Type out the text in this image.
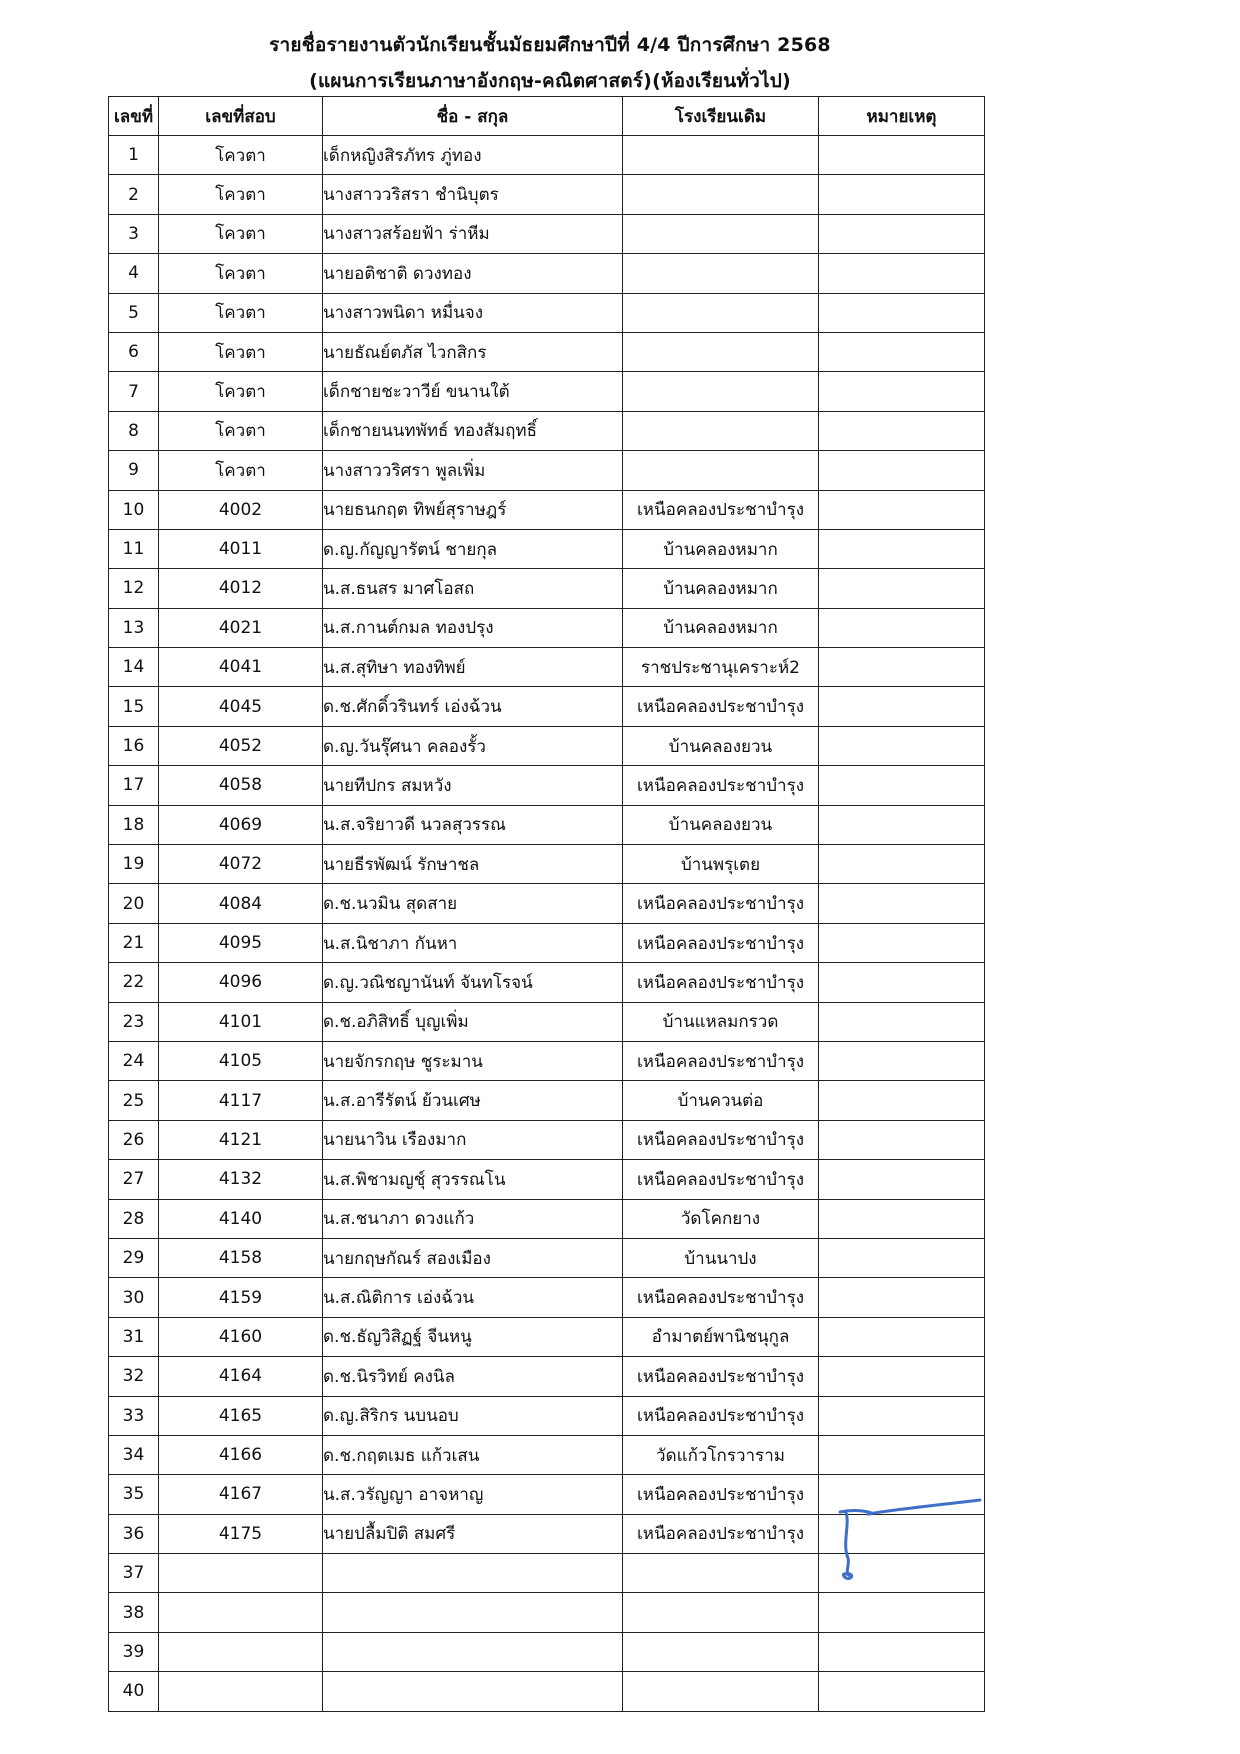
รายชื่อรายงานตัวนักเรียนชั้นมัธยมศึกษาปีที่ 4/4 ปีการศึกษา 2568
(แผนการเรียนภาษาอังกฤษ-คณิตศาสตร์)(ห้องเรียนทั่วไป)
เลขที่	เลขที่สอบ	ชื่อ - สกุล	โรงเรียนเดิม	หมายเหตุ
1	โควตา	เด็กหญิงสิรภัทร ภู่ทอง		
2	โควตา	นางสาววริสรา ชำนิบุตร		
3	โควตา	นางสาวสร้อยฟ้า ร่าหีม		
4	โควตา	นายอติชาติ ดวงทอง		
5	โควตา	นางสาวพนิดา หมื่นจง		
6	โควตา	นายธัณย์ตภัส ไวกสิกร		
7	โควตา	เด็กชายชะวาวีย์ ขนานใต้		
8	โควตา	เด็กชายนนทพัทธ์ ทองสัมฤทธิ์		
9	โควตา	นางสาววริศรา พูลเพิ่ม		
10	4002	นายธนกฤต ทิพย์สุราษฎร์	เหนือคลองประชาบำรุง	
11	4011	ด.ญ.กัญญารัตน์ ชายกุล	บ้านคลองหมาก	
12	4012	น.ส.ธนสร มาศโอสถ	บ้านคลองหมาก	
13	4021	น.ส.กานต์กมล ทองปรุง	บ้านคลองหมาก	
14	4041	น.ส.สุทิษา ทองทิพย์	ราชประชานุเคราะห์2	
15	4045	ด.ช.ศักดิ์วรินทร์ เอ่งฉ้วน	เหนือคลองประชาบำรุง	
16	4052	ด.ญ.วันรุ๊ศนา คลองรั้ว	บ้านคลองยวน	
17	4058	นายทีปกร สมหวัง	เหนือคลองประชาบำรุง	
18	4069	น.ส.จริยาวดี นวลสุวรรณ	บ้านคลองยวน	
19	4072	นายธีรพัฒน์ รักษาชล	บ้านพรุเตย	
20	4084	ด.ช.นวมิน สุดสาย	เหนือคลองประชาบำรุง	
21	4095	น.ส.นิชาภา กันหา	เหนือคลองประชาบำรุง	
22	4096	ด.ญ.วณิชญานันท์ จันทโรจน์	เหนือคลองประชาบำรุง	
23	4101	ด.ช.อภิสิทธิ์ บุญเพิ่ม	บ้านแหลมกรวด	
24	4105	นายจักรกฤษ ชูระมาน	เหนือคลองประชาบำรุง	
25	4117	น.ส.อารีรัตน์ ย้วนเศษ	บ้านควนต่อ	
26	4121	นายนาวิน เรืองมาก	เหนือคลองประชาบำรุง	
27	4132	น.ส.พิชามญชุ์ สุวรรณโน	เหนือคลองประชาบำรุง	
28	4140	น.ส.ชนาภา ดวงแก้ว	วัดโคกยาง	
29	4158	นายกฤษกัณร์ สองเมือง	บ้านนาปง	
30	4159	น.ส.ณิติการ เอ่งฉ้วน	เหนือคลองประชาบำรุง	
31	4160	ด.ช.ธัญวิสิฏฐ์ จีนหนู	อำมาตย์พานิชนุกูล	
32	4164	ด.ช.นิรวิทย์ คงนิล	เหนือคลองประชาบำรุง	
33	4165	ด.ญ.สิริกร นบนอบ	เหนือคลองประชาบำรุง	
34	4166	ด.ช.กฤตเมธ แก้วเสน	วัดแก้วโกรวาราม	
35	4167	น.ส.วรัญญา อาจหาญ	เหนือคลองประชาบำรุง	
36	4175	นายปลื้มปิติ สมศรี	เหนือคลองประชาบำรุง	
37				
38				
39				
40				
